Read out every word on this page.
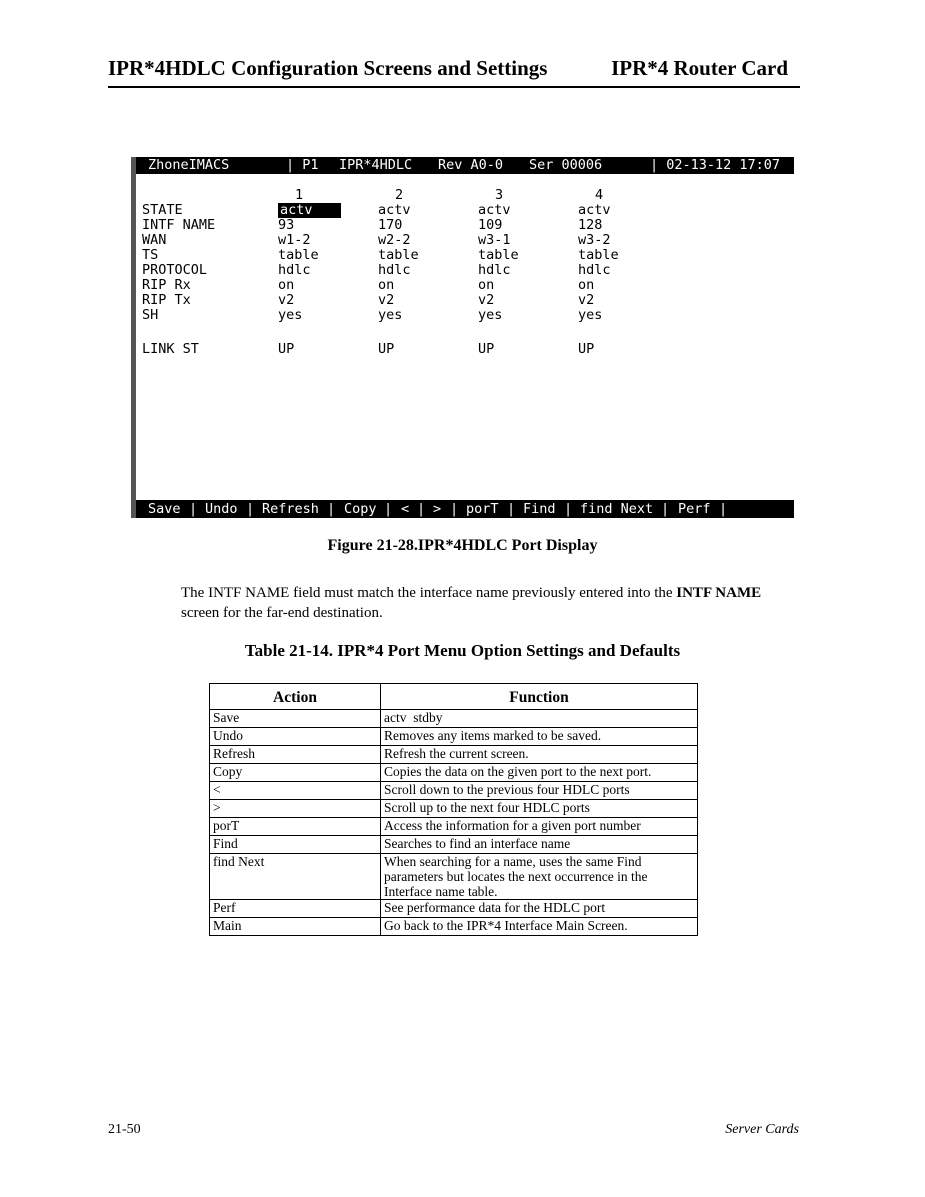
IPR*4HDLC Configuration Screens and Settings	IPR*4 Router Card

ZhoneIMACS

	| P1

IPR*4HDLC

Rev A0-0

Ser 00006

	| 02-13-12 17:07

1	2	3	4
STATE	actv	actv	actv	actv
INTF NAME	93	170	109	128
WAN	w1-2	w2-2	w3-1	w3-2
TS	table	table	table	table
PROTOCOL	hdlc	hdlc	hdlc	hdlc
RIP Rx	on	on	on	on
RIP Tx	v2	v2	v2	v2
SH	yes	yes	yes	yes
LINK ST	UP	UP	UP	UP
Save | Undo | Refresh | Copy | < | > | porT | Find | find Next | Perf |
Figure 21-28.IPR*4HDLC Port Display
The INTF NAME field must match the interface name previously entered into the INTF NAME screen for the far-end destination.
Table 21-14. IPR*4 Port Menu Option Settings and Defaults
Action	Function
Save	actv  stdby
Undo	Removes any items marked to be saved.
Refresh	Refresh the current screen.
Copy	Copies the data on the given port to the next port.
<	Scroll down to the previous four HDLC ports
>	Scroll up to the next four HDLC ports
porT	Access the information for a given port number
Find	Searches to find an interface name
find Next	When searching for a name, uses the same Find parameters but locates the next occurrence in the Interface name table.
Perf	See performance data for the HDLC port
Main	Go back to the IPR*4 Interface Main Screen.
21-50	Server Cards
